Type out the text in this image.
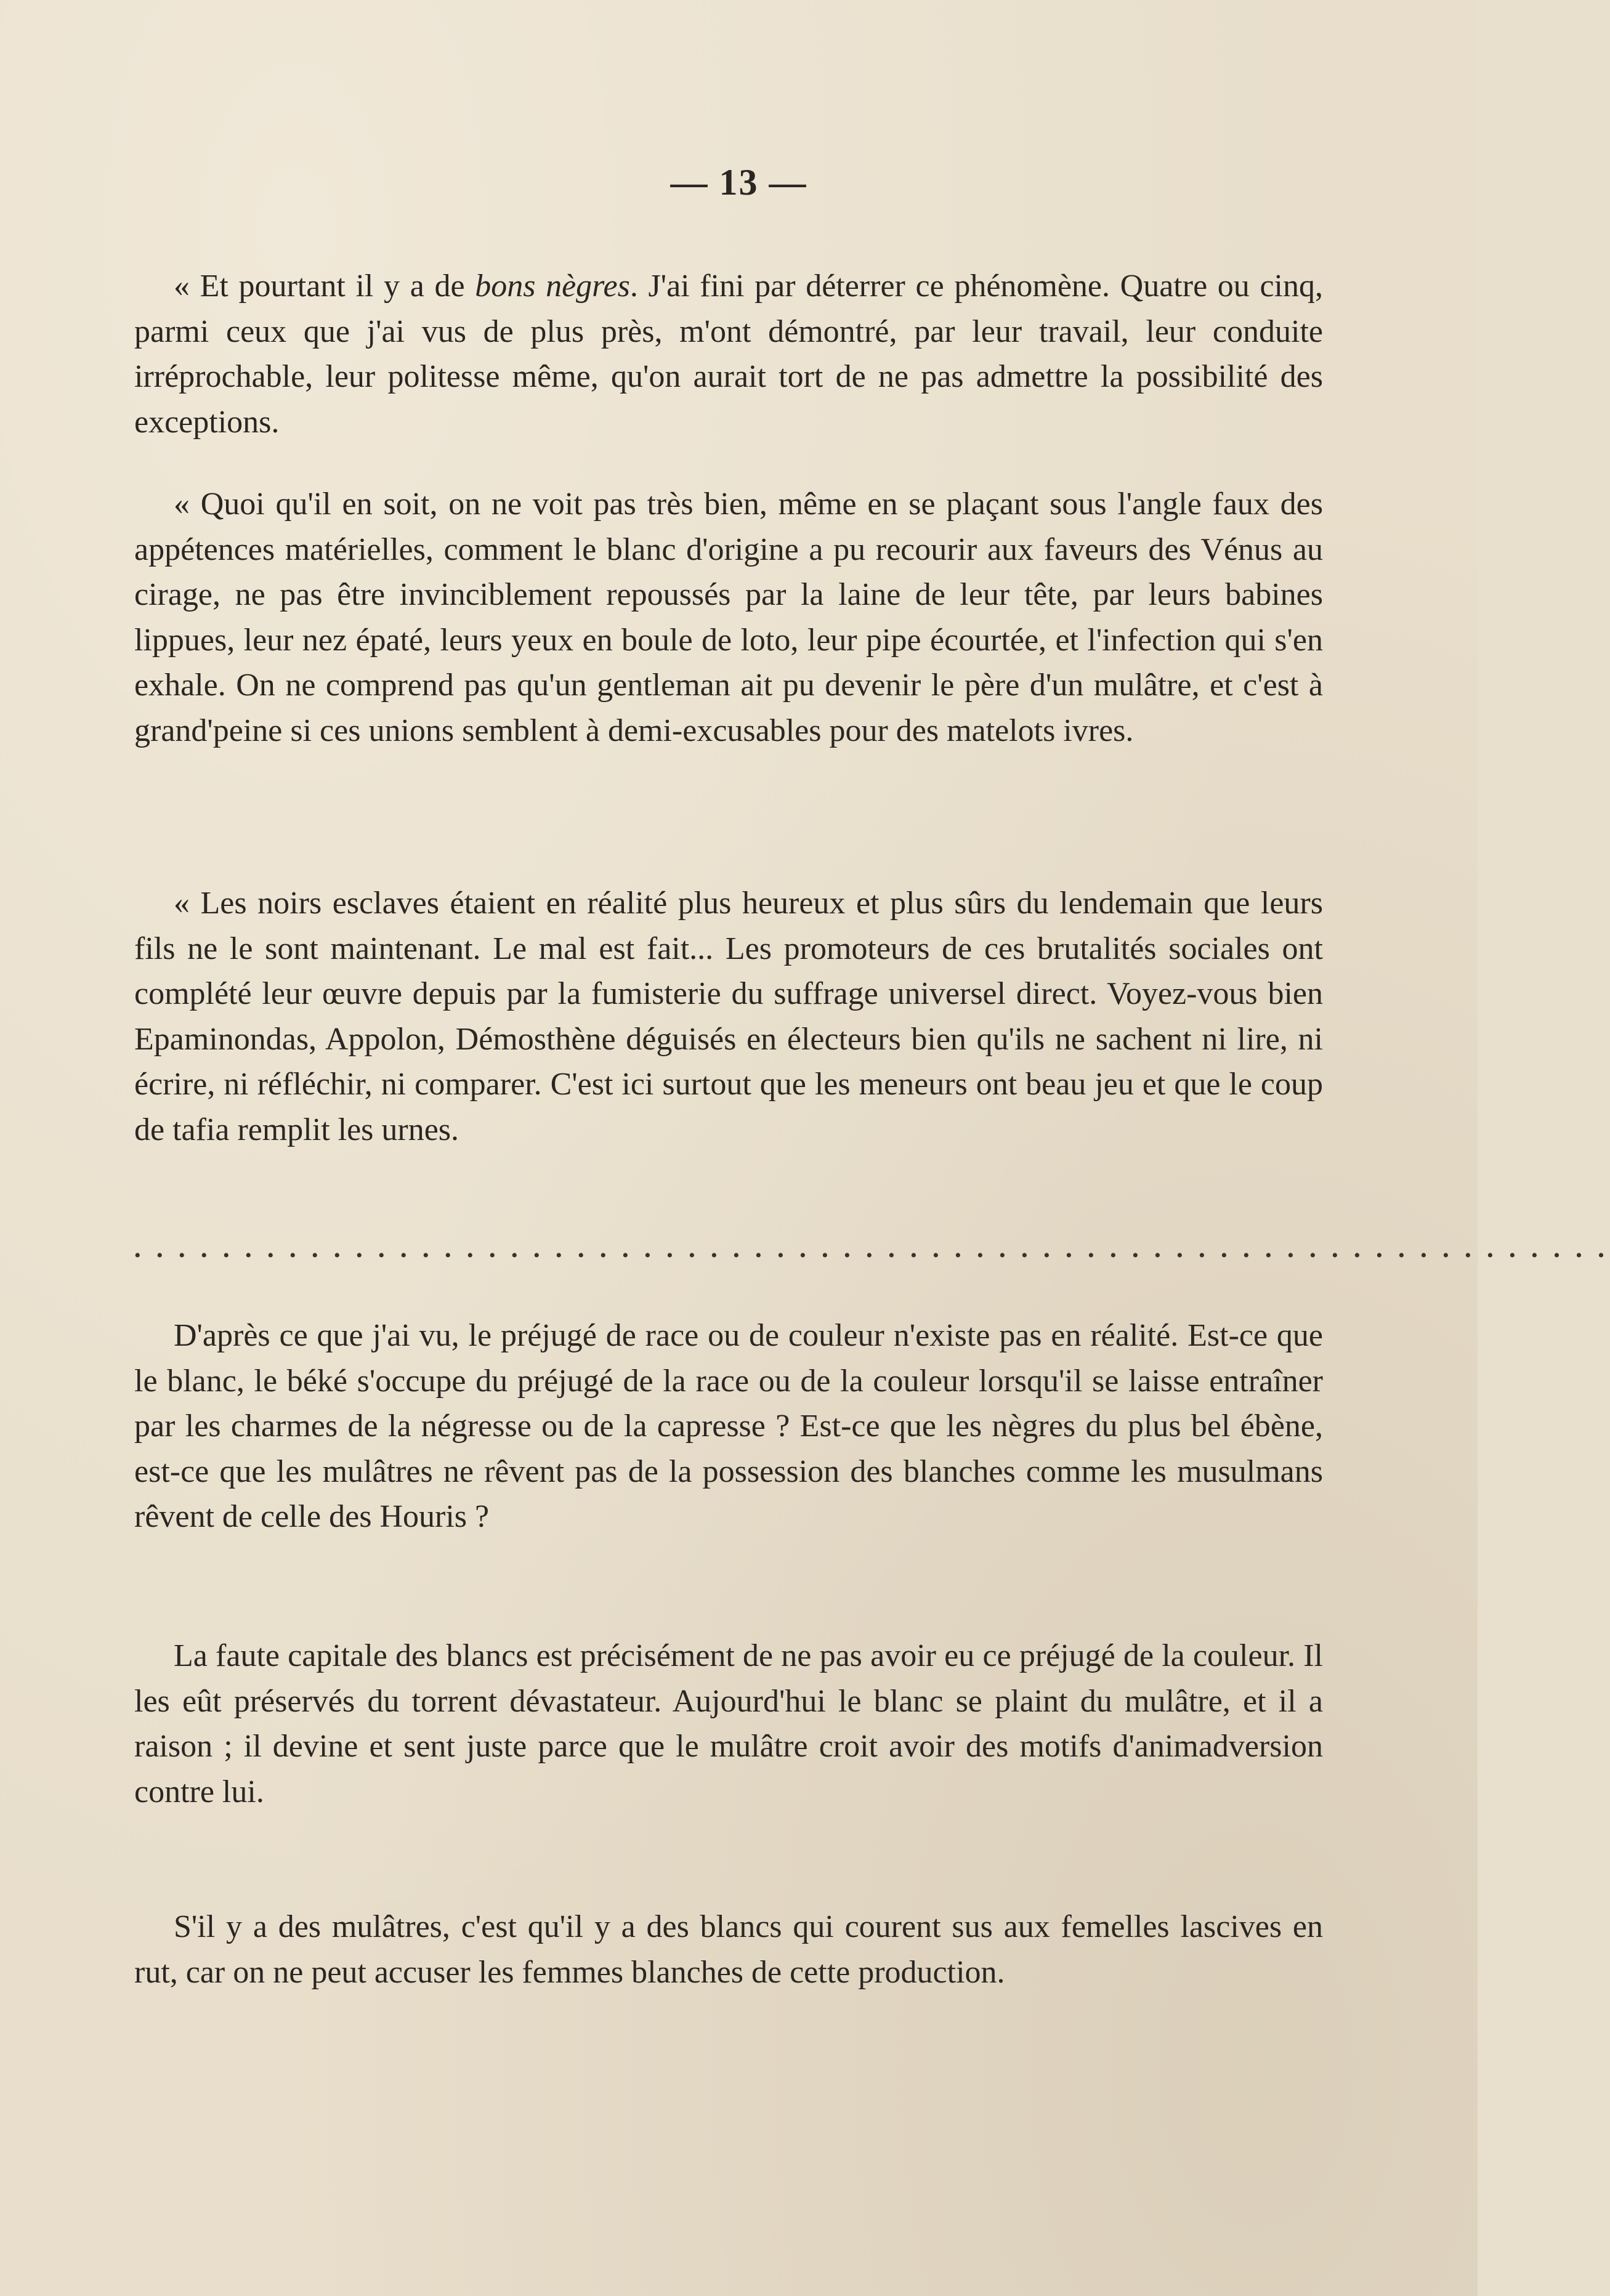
— 13 —

« Et pourtant il y a de bons nègres. J'ai fini par déterrer ce phénomène. Quatre ou cinq, parmi ceux que j'ai vus de plus près, m'ont démontré, par leur travail, leur conduite irréprochable, leur politesse même, qu'on aurait tort de ne pas admettre la possibilité des exceptions.

« Quoi qu'il en soit, on ne voit pas très bien, même en se plaçant sous l'angle faux des appétences matérielles, comment le blanc d'origine a pu recourir aux faveurs des Vénus au cirage, ne pas être invinciblement repoussés par la laine de leur tête, par leurs babines lippues, leur nez épaté, leurs yeux en boule de loto, leur pipe écourtée, et l'infection qui s'en exhale. On ne comprend pas qu'un gentleman ait pu devenir le père d'un mulâtre, et c'est à grand'peine si ces unions semblent à demi-excusables pour des matelots ivres.

« Les noirs esclaves étaient en réalité plus heureux et plus sûrs du lendemain que leurs fils ne le sont maintenant. Le mal est fait... Les promoteurs de ces brutalités sociales ont complété leur œuvre depuis par la fumisterie du suffrage universel direct. Voyez-vous bien Epaminondas, Appolon, Démosthène déguisés en électeurs bien qu'ils ne sachent ni lire, ni écrire, ni réfléchir, ni comparer. C'est ici surtout que les meneurs ont beau jeu et que le coup de tafia remplit les urnes.

• • • • • • • • • • • • • • • • • • • • • • • • • • • • • • • • • • • • • • • • • • • • • • • • • • • • • • • • • • • • • • • • • • •

D'après ce que j'ai vu, le préjugé de race ou de couleur n'existe pas en réalité. Est-ce que le blanc, le béké s'occupe du préjugé de la race ou de la couleur lorsqu'il se laisse entraîner par les charmes de la négresse ou de la capresse ? Est-ce que les nègres du plus bel ébène, est-ce que les mulâtres ne rêvent pas de la possession des blanches comme les musulmans rêvent de celle des Houris ?

La faute capitale des blancs est précisément de ne pas avoir eu ce préjugé de la couleur. Il les eût préservés du torrent dévastateur. Aujourd'hui le blanc se plaint du mulâtre, et il a raison ; il devine et sent juste parce que le mulâtre croit avoir des motifs d'animadversion contre lui.

S'il y a des mulâtres, c'est qu'il y a des blancs qui courent sus aux femelles lascives en rut, car on ne peut accuser les femmes blanches de cette production.
